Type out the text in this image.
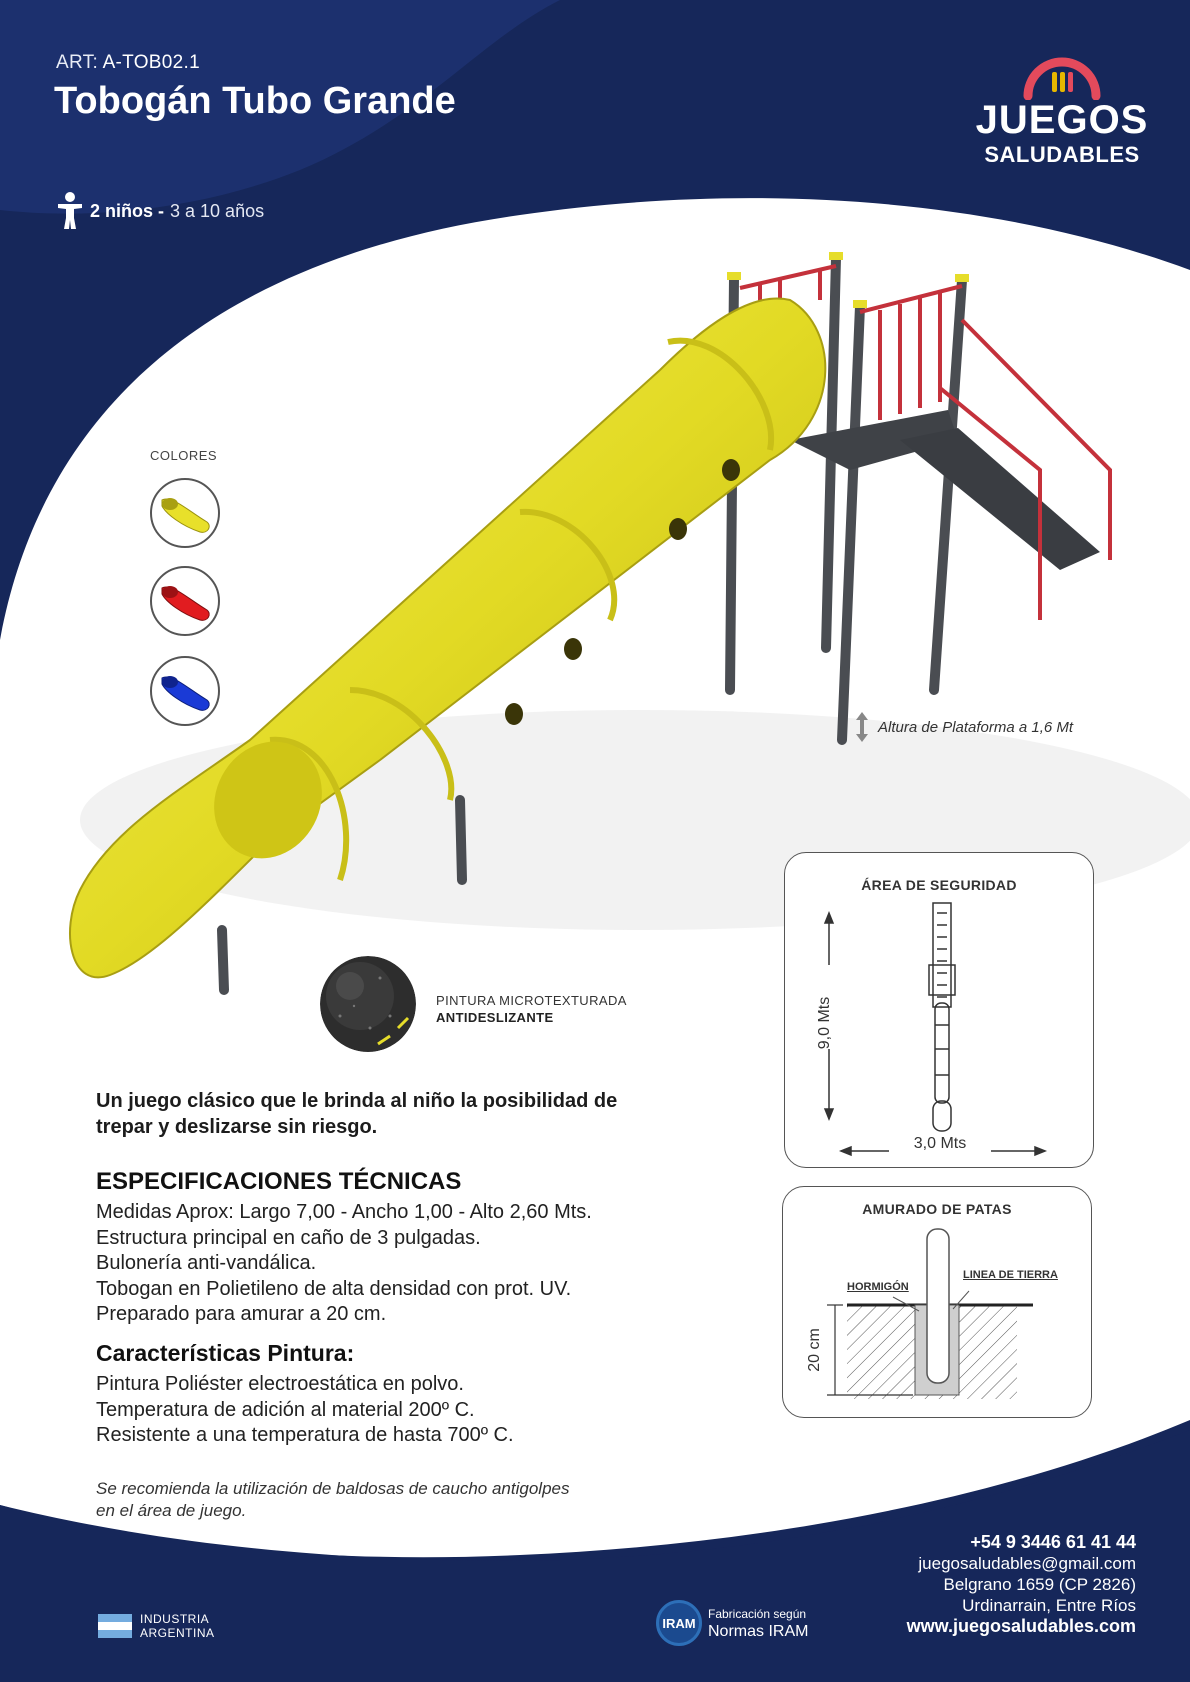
ART: A-TOB02.1
Tobogán Tubo Grande
2 niños - 3 a 10 años
JUEGOS
SALUDABLES
COLORES
PINTURA MICROTEXTURADA
ANTIDESLIZANTE
Altura de Plataforma a 1,6 Mt
Un juego clásico que le brinda al niño la posibilidad de trepar y deslizarse sin riesgo.
ESPECIFICACIONES TÉCNICAS
Medidas Aprox: Largo 7,00 - Ancho 1,00 - Alto 2,60 Mts.
Estructura principal en caño de 3 pulgadas.
Bulonería anti-vandálica.
Tobogan en Polietileno de alta densidad con prot. UV.
Preparado para amurar a 20 cm.
Características Pintura:
Pintura Poliéster electroestática en polvo.
Temperatura de adición al material 200º C.
Resistente a una temperatura de hasta 700º C.
Se recomienda la utilización de baldosas de caucho antigolpes en el área de juego.
ÁREA DE SEGURIDAD
9,0 Mts
3,0 Mts
AMURADO DE PATAS
HORMIGÓN
LINEA DE TIERRA
20 cm
+54 9 3446 61 41 44
juegosaludables@gmail.com
Belgrano 1659 (CP 2826)
Urdinarrain, Entre Ríos
www.juegosaludables.com
INDUSTRIA
ARGENTINA
IRAM
Fabricación según
Normas IRAM
